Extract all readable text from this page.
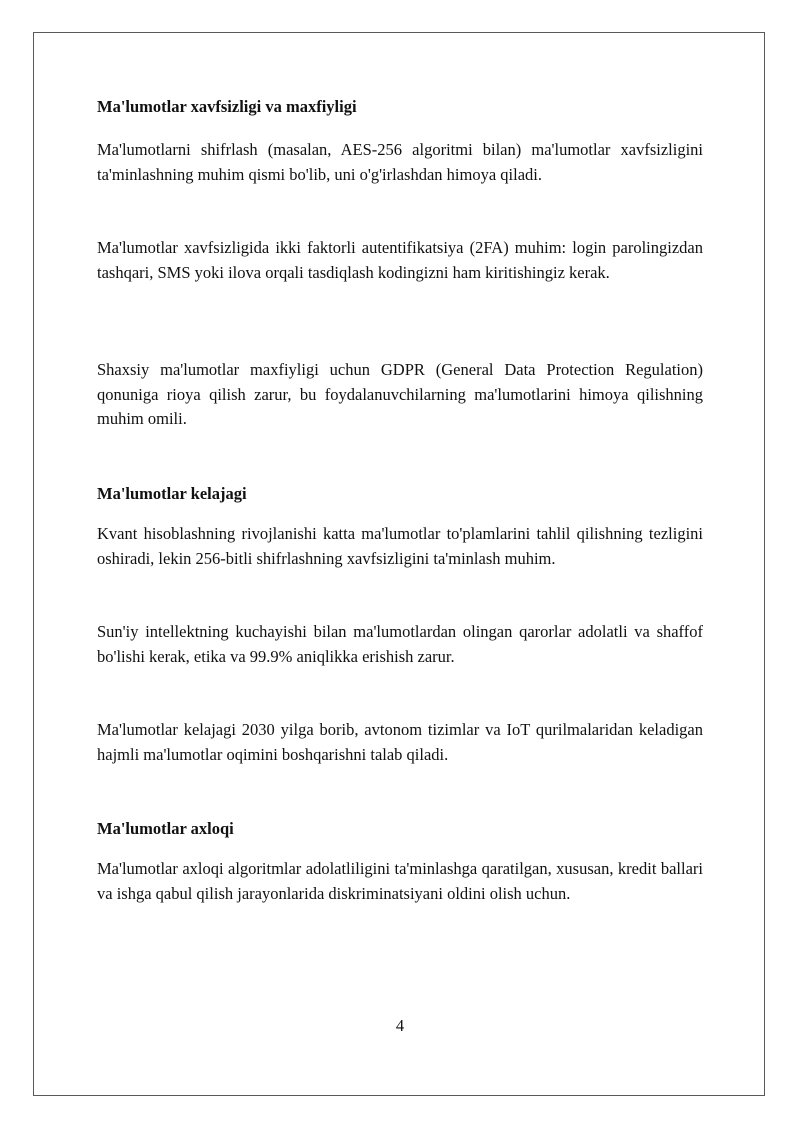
Ma'lumotlar xavfsizligi va maxfiyligi

Ma'lumotlarni shifrlash (masalan, AES-256 algoritmi bilan) ma'lumotlar xavfsizligini ta'minlashning muhim qismi bo'lib, uni o'g'irlashdan himoya qiladi.

Ma'lumotlar xavfsizligida ikki faktorli autentifikatsiya (2FA) muhim: login parolingizdan tashqari, SMS yoki ilova orqali tasdiqlash kodingizni ham kiritishingiz kerak.

Shaxsiy ma'lumotlar maxfiyligi uchun GDPR (General Data Protection Regulation) qonuniga rioya qilish zarur, bu foydalanuvchilarning ma'lumotlarini himoya qilishning muhim omili.

Ma'lumotlar kelajagi

Kvant hisoblashning rivojlanishi katta ma'lumotlar to'plamlarini tahlil qilishning tezligini oshiradi, lekin 256-bitli shifrlashning xavfsizligini ta'minlash muhim.

Sun'iy intellektning kuchayishi bilan ma'lumotlardan olingan qarorlar adolatli va shaffof bo'lishi kerak, etika va 99.9% aniqlikka erishish zarur.

Ma'lumotlar kelajagi 2030 yilga borib, avtonom tizimlar va IoT qurilmalaridan keladigan hajmli ma'lumotlar oqimini boshqarishni talab qiladi.

Ma'lumotlar axloqi

Ma'lumotlar axloqi algoritmlar adolatliligini ta'minlashga qaratilgan, xususan, kredit ballari va ishga qabul qilish jarayonlarida diskriminatsiyani oldini olish uchun.

4
